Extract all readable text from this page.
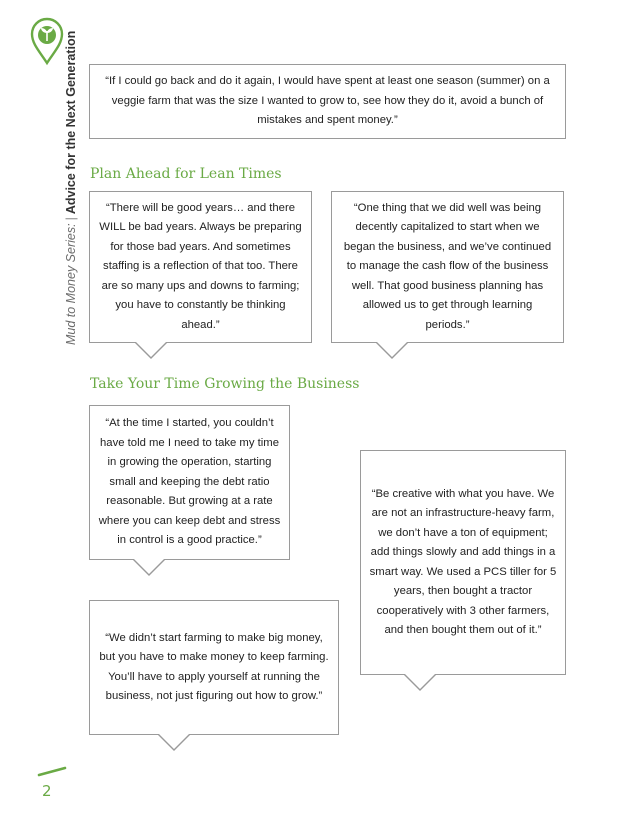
Mud to Money Series:|Advice for the Next Generation	“If I could go back and do it again, I would have spent at least one season (summer) on a veggie farm that was the size I wanted to grow to, see how they do it, avoid a bunch of mistakes and spent money.”

Plan Ahead for Lean Times

“There will be good years… and there WILL be bad years. Always be preparing for those bad years. And sometimes staffing is a reflection of that too. There are so many ups and downs to farming; you have to constantly be thinking ahead.”

“One thing that we did well was being decently capitalized to start when we began the business, and we’ve continued to manage the cash flow of the business well. That good business planning has allowed us to get through learning periods.”

Take Your Time Growing the Business

“At the time I started, you couldn’t have told me I need to take my time in growing the operation, starting small and keeping the debt ratio reasonable. But growing at a rate where you can keep debt and stress in control is a good practice.”

“Be creative with what you have. We are not an infrastructure-heavy farm, we don’t have a ton of equipment; add things slowly and add things in a smart way. We used a PCS tiller for 5 years, then bought a tractor cooperatively with 3 other farmers, and then bought them out of it.”

“We didn’t start farming to make big money, but you have to make money to keep farming. You’ll have to apply yourself at running the business, not just figuring out how to grow.”

2
